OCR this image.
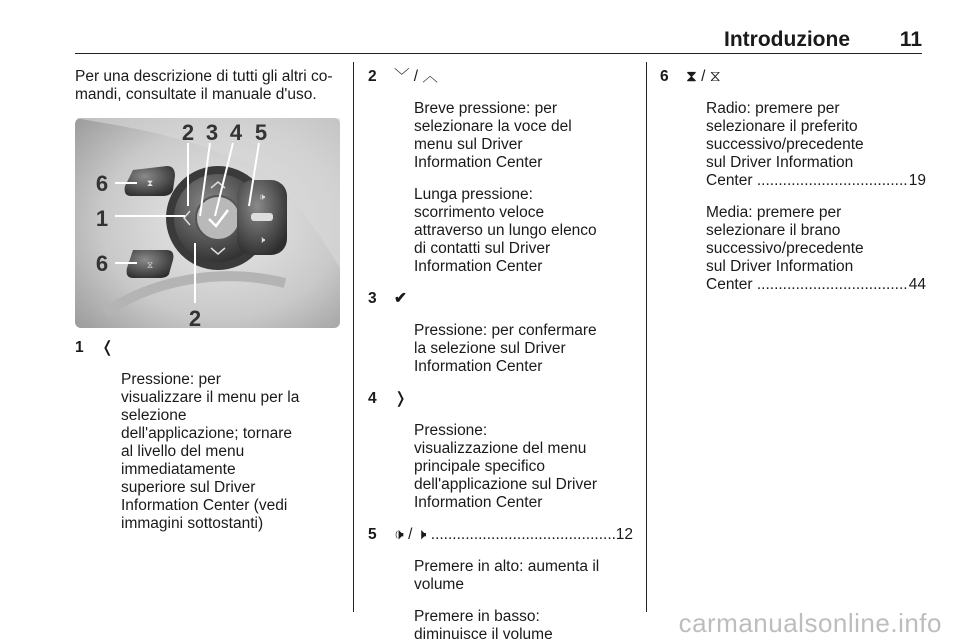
Introduzione 11

Per una descrizione di tutti gli altri co-

mandi, consultate il manuale d'uso.

🕩
🕨
⧗
⧖
2 3 4 5
6
1
6
2
1 ❬

Pressione: per

visualizzare il menu per la

selezione

dell'applicazione; tornare

al livello del menu

immediatamente

superiore sul Driver

Information Center (vedi

immagini sottostanti)

2 ﹀ / ︿

Breve pressione: per

selezionare la voce del

menu sul Driver

Information Center

Lunga pressione:

scorrimento veloce

attraverso un lungo elenco

di contatti sul Driver

Information Center

3 ✔

Pressione: per confermare

la selezione sul Driver

Information Center

4 ❭

Pressione:

visualizzazione del menu

principale specifico

dell'applicazione sul Driver

Information Center

5 🕩 / 🕨 .....	12

Premere in alto: aumenta il

volume

Premere in basso:

diminuisce il volume

6 ⧗ / ⧖

Radio: premere per

selezionare il preferito

successivo/precedente

sul Driver Information

Center .....	19

Media: premere per

selezionare il brano

successivo/precedente

sul Driver Information

Center .....	44
carmanualsonline.info
